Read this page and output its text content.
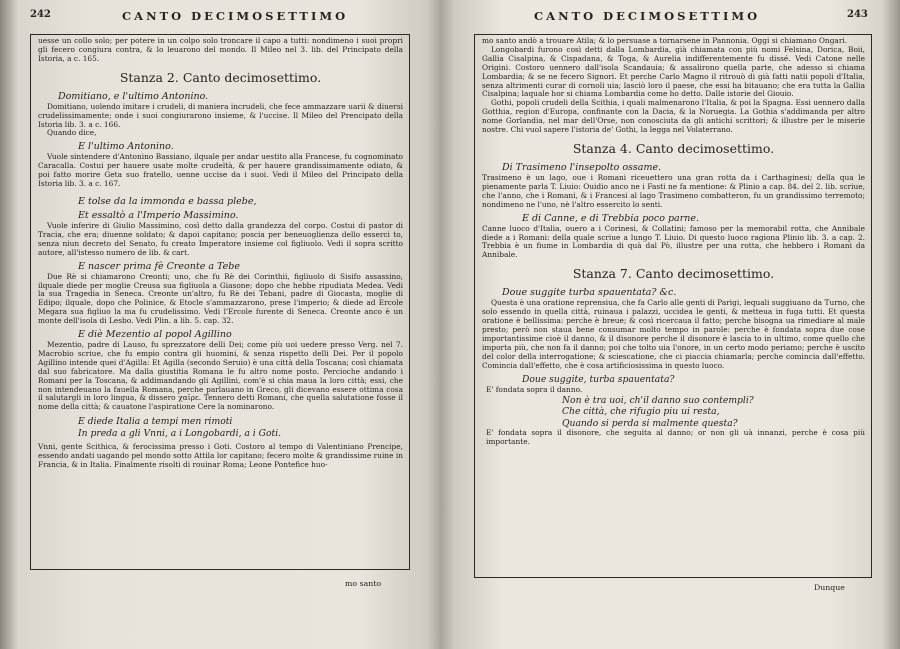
242	CANTO DECIMOSETTIMO

uesse un collo solo; per potere in un colpo solo troncare il capo a tutti: nondimeno i suoi propri gli fecero congiura contra, & lo leuarono del mondo. Il Mileo nel 3. lib. del Principato della Istoria, a c. 165.

Stanza 2. Canto decimosettimo.
Domitiano, e l'ultimo Antonino.

Domitiano, uolendo imitare i crudeli, di maniera incrudeli, che fece ammazzare uarii & diuersi crudelissimamente; onde i suoi congiurarono insieme, & l'uccise. Il Mileo del Prencipato della Istoria lib. 3. a c. 166.

Quando dice,

E l'ultimo Antonino.

Vuole sintendere d'Antonino Bassiano, ilquale per andar uestito alla Francese, fu cognominato Caracalla. Costui per hauere usate molte crudeltà, & per hauere grandissimamente odiato, & poi fatto morire Geta suo fratello, uenne uccise da i suoi. Vedi il Mileo del Principato della Istoria lib. 3. a c. 167.

E tolse da la immonda e bassa plebe,
Et essaltò a l'Imperio Massimino.

Vuole inferire di Giulio Massimino, così detto dalla grandezza del corpo. Costui di pastor di Tracia, che era; diuenne soldato; & dapoi capitano; poscia per beneuoglienza dello esserci to, senza niun decreto del Senato, fu creato Imperatore insieme col figliuolo. Vedi il sopra scritto autore, all'istesso numero de lib. & cart.

E nascer prima fè Creonte a Tebe

Due Rè si chiamarono Creonti; uno, che fu Rè dei Corinthii, figliuolo di Sisifo assassino, ilquale diede per moglie Creusa sua figliuola a Giasone; dopo che hebbe ripudiata Medea. Vedi la sua Tragedia in Seneca. Creonte un'altro, fu Rè dei Tebani, padre di Giocasta, moglie di Edipo; ilquale, dopo che Polinice, & Etocle s'ammazzarono, prese l'imperio; & diede ad Ercole Megara sua figliuo la ma fu crudelissimo. Vedi l'Ercole furente di Seneca. Creonte anco è un monte dell'isola di Lesbo. Vedi Plin. a lib. 5. cap. 32.

E diè Mezentio al popol Agillino

Mezentio, padre di Lauso, fu sprezzatore delli Dei; come più uoi uedere presso Verg. nel 7. Macrobio scriue, che fu empio contra gli huomini, & senza rispetto delli Dei. Per il popolo Agillino intende quei d'Agilla: Et Agilla (secondo Seruio) è una città della Toscana; così chiamata dal suo fabricatore. Ma dalla giustitia Romana le fu altro nome posto. Percioche andando i Romani per la Toscana, & addimandando gli Agillini, com'è si chia maua la loro città; essi, che non intendeuano la fauella Romana, perche parlauano in Greco, gli dicevano essere ottima cosa il salutargli in loro lingua, & dissero χαῖρε. Tennero detti Romani, che quella salutatione fosse il nome della città; & cauatone l'aspiratione Cere la nominarono.

E diede Italia a tempi men rimoti
In preda a gli Vnni, a i Longobardi, a i Goti.

Vnni, gente Scithica, & ferocissima presso i Goti. Costoro al tempo di Valentiniano Prencipe, essendo andati uagando pel mondo sotto Attila lor capitano; fecero molte & grandissime ruine in Francia, & in Italia. Finalmente risolti di rouinar Roma; Leone Pontefice huo-

mo santo
CANTO DECIMOSETTIMO	243

mo santo andò a trouare Atila; & lo persuase a tornarsene in Pannonia. Oggi si chiamano Ongari.

Longobardi furono così detti dalla Lombardia, già chiamata con più nomi Felsina, Dorica, Boii, Gallia Cisalpina, & Cispadana, & Toga, & Aurelia indifferentemente fu dissé. Vedi Catone nelle Origini. Costoro uennero dall'isola Scandauia; & assalirono quella parte, che adesso si chiama Lombardia; & se ne fecero Signori. Et perche Carlo Magno il ritrouò di già fatti natii popoli d'Italia, senza altrimenti curar di cornoli uia; lasciò loro il paese, che essi ha bitauano; che era tutta la Gallia Cisalpina; laquale hor si chiama Lombardia come ho detto. Dalle istorie del Giouio.

Gothi, popoli crudeli della Scithia, i quali malmenarono l'Italia, & poi la Spagna. Essi uennero dalla Gotthia, region d'Europa, confinante con la Dacia, & la Noruegia. La Gothia s'addimanda per altro nome Gorlandia, nel mar dell'Orse, non conosciuta da gli antichi scrittori; & illustre per le miserie nostre. Chi vuol sapere l'istoria de' Gothi, la legga nel Volaterrano.

Stanza 4. Canto decimosettimo.
Di Trasimeno l'insepolto ossame.

Trasimeno è un lago, oue i Romani riceuettero una gran rotta da i Carthaginesi; della qua le pienamente parla T. Liuio: Ouidio anco ne i Fasti ne fa mentione: & Plinio a cap. 84. del 2. lib. scriue, che l'anno, che i Romani, & i Francesi al lago Trasimeno combatteron, fu un grandissimo terremoto; nondimeno ne l'uno, nè l'altro essercito lo senti.

E di Canne, e di Trebbia poco parne.

Canne luoco d'Italia, ouero a i Corinesi, & Collatini; famoso per la memorabil rotta, che Annibale diede a i Romani: della quale scriue a lungo T. Liuio. Di questo luoco ragiona Plinio lib. 3. a cap. 2. Trebbia è un fiume in Lombardia di quà dal Pò, illustre per una rotta, che hebbero i Romani da Annibale.

Stanza 7. Canto decimosettimo.
Doue suggite turba spauentata? &c.

Questa è una oratione reprensiua, che fa Carlo alle genti di Parigi, lequali suggiuano da Turno, che solo essendo in quella città, ruinaua i palazzi, uccidea le genti, & metteua in fuga tutti. Et questa oratione è bellissima: perche è breue; & così ricercaua il fatto; perche bisogna ua rimediare al male presto; però non staua bene consumar molto tempo in parole: perche è fondata sopra due cose importantissime cioè il danno, & il disonore perche il disonore è lascia to in ultimo, come quello che importa più, che non fa il danno; poi che tolto uia l'onore, in un certo modo periamo; perche è uscito del color della interrogatione; & sciescatione, che ci piaccia chiamarla; perche comincia dall'effetto. Comincia dall'effetto, che è cosa artificiosissima in questo luoco.

Doue suggite, turba spauentata?

E' fondata sopra il danno.

Non è tra uoi, ch'il danno suo contempli?
Che città, che rifugio piu ui resta,
Quando si perda si malmente questa?

E' fondata sopra il disonore, che seguita al danno; or non gli uà innanzi, perche è cosa più importante.

Dunque
